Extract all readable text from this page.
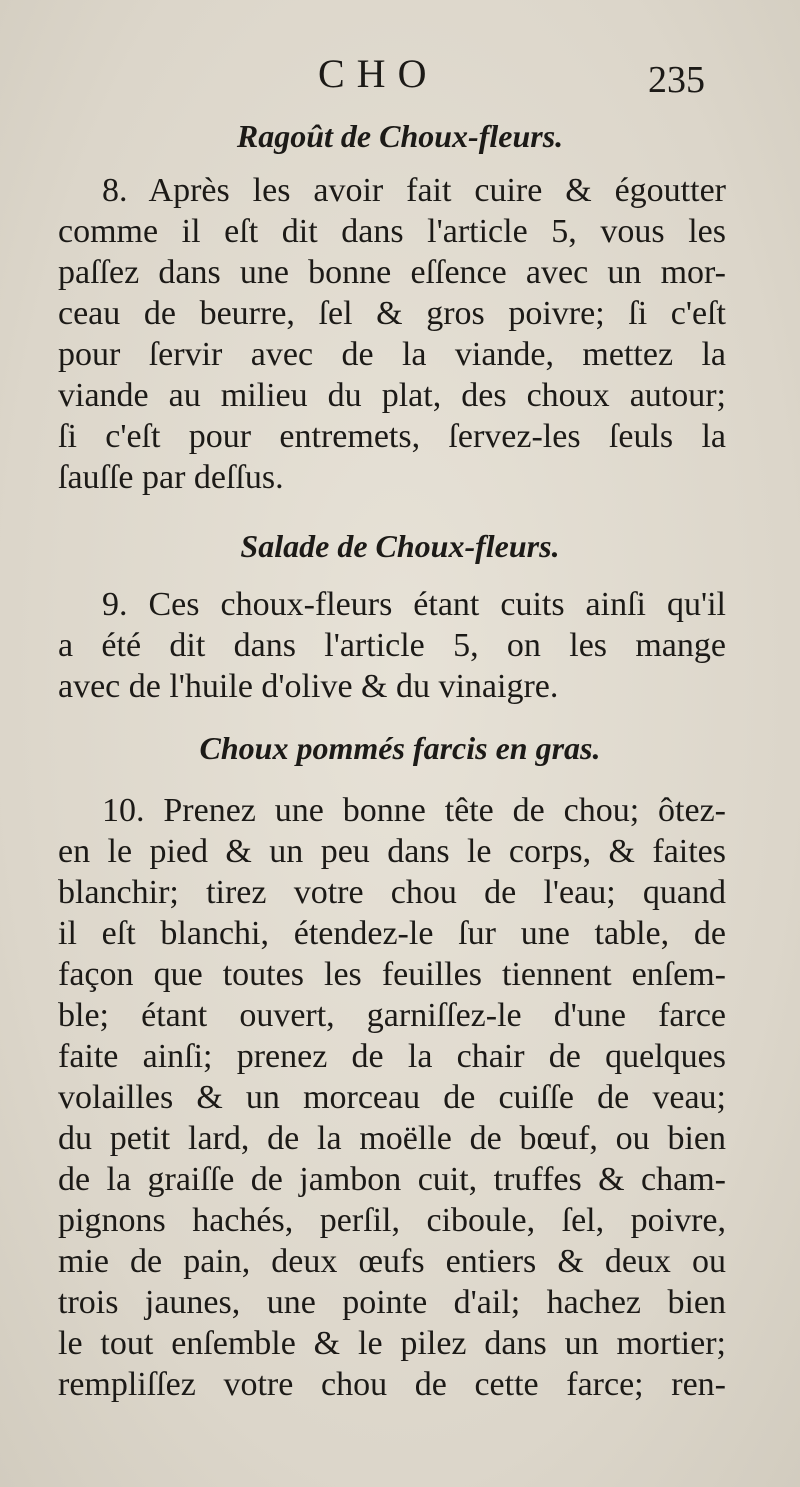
CHO	235
Ragoût de Choux-fleurs.
8. Après les avoir fait cuire & égoutter
comme il eſt dit dans l'article 5, vous les
paſſez dans une bonne eſſence avec un mor-
ceau de beurre, ſel & gros poivre; ſi c'eſt
pour ſervir avec de la viande, mettez la
viande au milieu du plat, des choux autour;
ſi c'eſt pour entremets, ſervez-les ſeuls la
ſauſſe par deſſus.
Salade de Choux-fleurs.
9. Ces choux-fleurs étant cuits ainſi qu'il
a été dit dans l'article 5, on les mange
avec de l'huile d'olive & du vinaigre.
Choux pommés farcis en gras.
10. Prenez une bonne tête de chou; ôtez-
en le pied & un peu dans le corps, & faites
blanchir; tirez votre chou de l'eau; quand
il eſt blanchi, étendez-le ſur une table, de
façon que toutes les feuilles tiennent enſem-
ble; étant ouvert, garniſſez-le d'une farce
faite ainſi; prenez de la chair de quelques
volailles & un morceau de cuiſſe de veau;
du petit lard, de la moëlle de bœuf, ou bien
de la graiſſe de jambon cuit, truffes & cham-
pignons hachés, perſil, ciboule, ſel, poivre,
mie de pain, deux œufs entiers & deux ou
trois jaunes, une pointe d'ail; hachez bien
le tout enſemble & le pilez dans un mortier;
rempliſſez votre chou de cette farce; ren-
